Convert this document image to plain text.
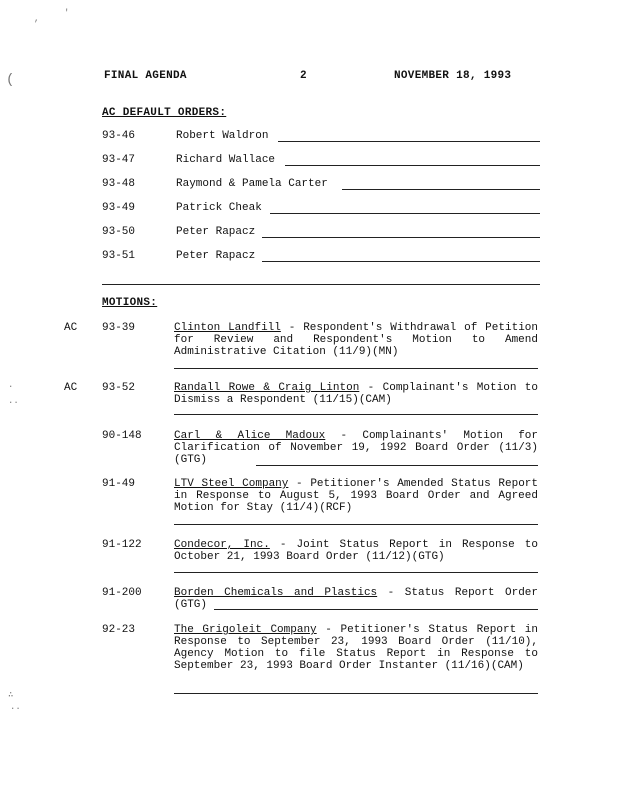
,
'
(
·
··
∴
··
FINAL AGENDA	2	NOVEMBER 18, 1993
AC DEFAULT ORDERS:
93-46	Robert Waldron
93-47	Richard Wallace
93-48	Raymond & Pamela Carter
93-49	Patrick Cheak
93-50	Peter Rapacz
93-51	Peter Rapacz
MOTIONS:
AC 93-39	Clinton Landfill - Respondent's Withdrawal of Petition for Review and Respondent's Motion to Amend Administrative Citation (11/9)(MN)
AC 93-52	Randall Rowe & Craig Linton - Complainant's Motion to Dismiss a Respondent (11/15)(CAM)
90-148	Carl & Alice Madoux - Complainants' Motion for Clarification of November 19, 1992 Board Order (11/3)(GTG)
91-49	LTV Steel Company - Petitioner's Amended Status Report in Response to August 5, 1993 Board Order and Agreed Motion for Stay (11/4)(RCF)
91-122	Condecor, Inc. - Joint Status Report in Response to October 21, 1993 Board Order (11/12)(GTG)
91-200	Borden Chemicals and Plastics - Status Report Order (GTG)
92-23	The Grigoleit Company - Petitioner's Status Report in Response to September 23, 1993 Board Order (11/10), Agency Motion to file Status Report in Response to September 23, 1993 Board Order Instanter (11/16)(CAM)
